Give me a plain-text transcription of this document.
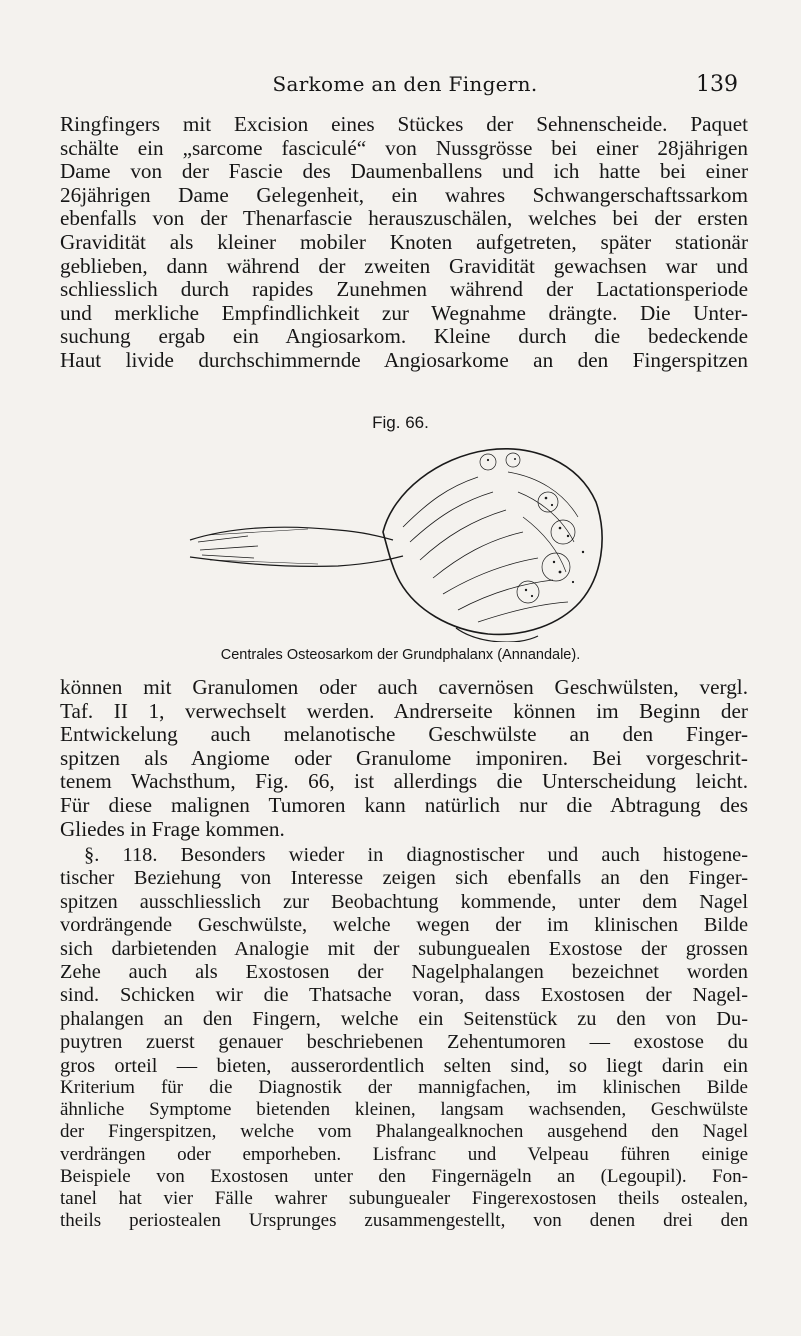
Sarkome an den Fingern.	139
Ringfingers mit Excision eines Stückes der Sehnenscheide. Paquet
schälte ein „sarcome fasciculé“ von Nussgrösse bei einer 28jährigen
Dame von der Fascie des Daumenballens und ich hatte bei einer
26jährigen Dame Gelegenheit, ein wahres Schwangerschaftssarkom
ebenfalls von der Thenarfascie herauszuschälen, welches bei der ersten
Gravidität als kleiner mobiler Knoten aufgetreten, später stationär
geblieben, dann während der zweiten Gravidität gewachsen war und
schliesslich durch rapides Zunehmen während der Lactationsperiode
und merkliche Empfindlichkeit zur Wegnahme drängte. Die Unter-
suchung ergab ein Angiosarkom. Kleine durch die bedeckende
Haut livide durchschimmernde Angiosarkome an den Fingerspitzen
Fig. 66.
Centrales Osteosarkom der Grundphalanx (Annandale).
können mit Granulomen oder auch cavernösen Geschwülsten, vergl.
Taf. II 1, verwechselt werden. Andrerseite können im Beginn der
Entwickelung auch melanotische Geschwülste an den Finger-
spitzen als Angiome oder Granulome imponiren. Bei vorgeschrit-
tenem Wachsthum, Fig. 66, ist allerdings die Unterscheidung leicht.
Für diese malignen Tumoren kann natürlich nur die Abtragung des
Gliedes in Frage kommen.
§. 118. Besonders wieder in diagnostischer und auch histogene-
tischer Beziehung von Interesse zeigen sich ebenfalls an den Finger-
spitzen ausschliesslich zur Beobachtung kommende, unter dem Nagel
vordrängende Geschwülste, welche wegen der im klinischen Bilde
sich darbietenden Analogie mit der subunguealen Exostose der grossen
Zehe auch als Exostosen der Nagelphalangen bezeichnet worden
sind. Schicken wir die Thatsache voran, dass Exostosen der Nagel-
phalangen an den Fingern, welche ein Seitenstück zu den von Du-
puytren zuerst genauer beschriebenen Zehentumoren — exostose du
gros orteil — bieten, ausserordentlich selten sind, so liegt darin ein
Kriterium für die Diagnostik der mannigfachen, im klinischen Bilde
ähnliche Symptome bietenden kleinen, langsam wachsenden, Geschwülste
der Fingerspitzen, welche vom Phalangealknochen ausgehend den Nagel
verdrängen oder emporheben. Lisfranc und Velpeau führen einige
Beispiele von Exostosen unter den Fingernägeln an (Legoupil). Fon-
tanel hat vier Fälle wahrer subunguealer Fingerexostosen theils ostealen,
theils periostealen Ursprunges zusammengestellt, von denen drei den
